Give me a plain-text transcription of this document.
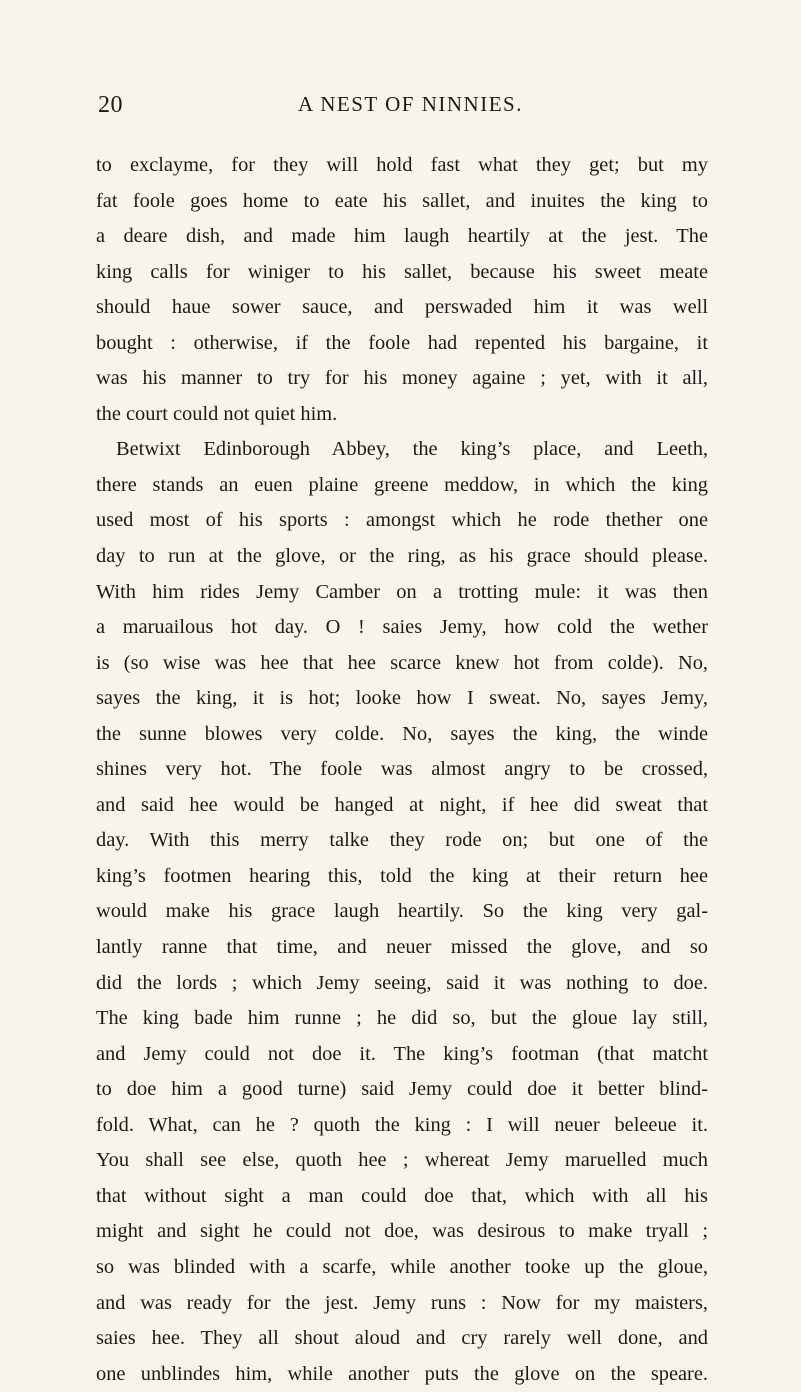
20	A NEST OF NINNIES.
to exclayme, for they will hold fast what they get; but my
fat foole goes home to eate his sallet, and inuites the king to
a deare dish, and made him laugh heartily at the jest. The
king calls for winiger to his sallet, because his sweet meate
should haue sower sauce, and perswaded him it was well
bought : otherwise, if the foole had repented his bargaine, it
was his manner to try for his money againe ; yet, with it all,
the court could not quiet him.
Betwixt Edinborough Abbey, the king’s place, and Leeth,
there stands an euen plaine greene meddow, in which the king
used most of his sports : amongst which he rode thether one
day to run at the glove, or the ring, as his grace should please.
With him rides Jemy Camber on a trotting mule: it was then
a maruailous hot day. O ! saies Jemy, how cold the wether
is (so wise was hee that hee scarce knew hot from colde). No,
sayes the king, it is hot; looke how I sweat. No, sayes Jemy,
the sunne blowes very colde. No, sayes the king, the winde
shines very hot. The foole was almost angry to be crossed,
and said hee would be hanged at night, if hee did sweat that
day. With this merry talke they rode on; but one of the
king’s footmen hearing this, told the king at their return hee
would make his grace laugh heartily. So the king very gal-
lantly ranne that time, and neuer missed the glove, and so
did the lords ; which Jemy seeing, said it was nothing to doe.
The king bade him runne ; he did so, but the gloue lay still,
and Jemy could not doe it. The king’s footman (that matcht
to doe him a good turne) said Jemy could doe it better blind-
fold. What, can he ? quoth the king : I will neuer beleeue it.
You shall see else, quoth hee ; whereat Jemy maruelled much
that without sight a man could doe that, which with all his
might and sight he could not doe, was desirous to make tryall ;
so was blinded with a scarfe, while another tooke up the gloue,
and was ready for the jest. Jemy runs : Now for my maisters,
saies hee. They all shout aloud and cry rarely well done, and
one unblindes him, while another puts the glove on the speare.
